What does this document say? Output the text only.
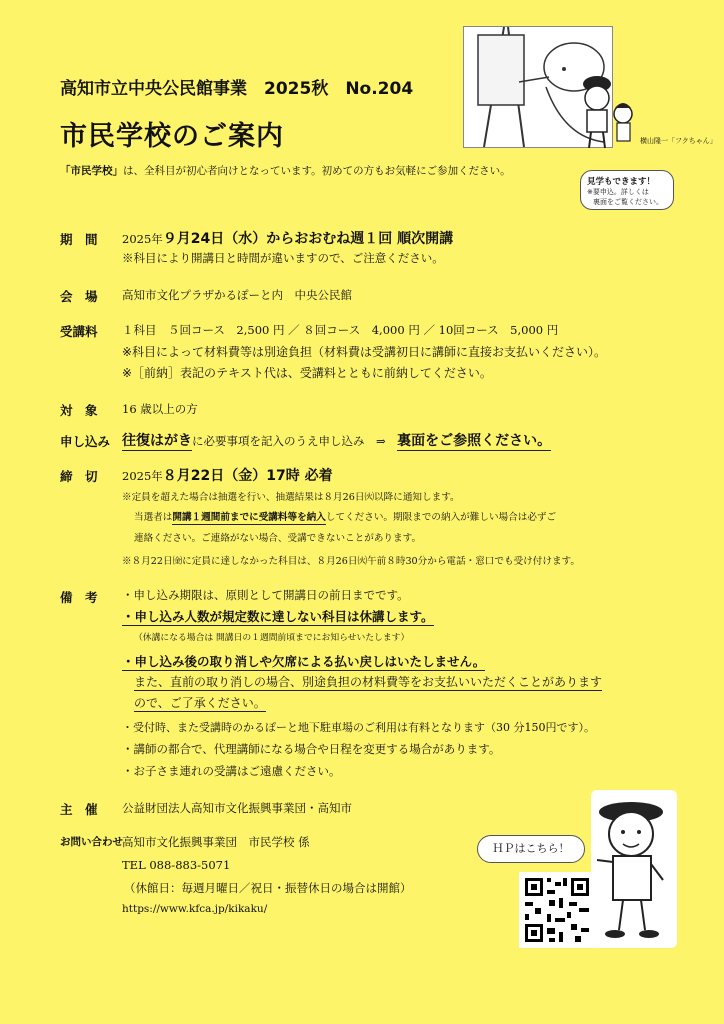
高知市立中央公民館事業　2025秋　No.204
市民学校のご案内
「市民学校」は、全科目が初心者向けとなっています。初めての方もお気軽にご参加ください。
横山隆一「フクちゃん」
見学もできます！
※要申込。詳しくは
裏面をご覧ください。
期　間 2025年９月24日（水）からおおむね週１回 順次開講
※科目により開講日と時間が違いますので、ご注意ください。
会　場 高知市文化プラザかるぽーと内　中央公民館
受講料 １科目　５回コース　2,500 円 ／ ８回コース　4,000 円 ／ 10回コース　5,000 円
※科目によって材料費等は別途負担（材料費は受講初日に講師に直接お支払いください）。
※［前納］表記のテキスト代は、受講料とともに前納してください。
対　象 16 歳以上の方
申し込み 往復はがきに必要事項を記入のうえ申し込み　⇒　裏面をご参照ください。
締　切 2025年８月22日（金）17時 必着
※定員を超えた場合は抽選を行い、抽選結果は８月26日㈫以降に通知します。
当選者は開講１週間前までに受講料等を納入してください。期限までの納入が難しい場合は必ずご
連絡ください。ご連絡がない場合、受講できないことがあります。
※８月22日㈮に定員に達しなかった科目は、８月26日㈫午前８時30分から電話・窓口でも受け付けます。
備　考 ・申し込み期限は、原則として開講日の前日までです。
・申し込み人数が規定数に達しない科目は休講します。
（休講になる場合は 開講日の１週間前頃までにお知らせいたします）
・申し込み後の取り消しや欠席による払い戻しはいたしません。
また、直前の取り消しの場合、別途負担の材料費等をお支払いいただくことがあります
ので、ご了承ください。
・受付時、また受講時のかるぽーと地下駐車場のご利用は有料となります（30 分150円です）。
・講師の都合で、代理講師になる場合や日程を変更する場合があります。
・お子さま連れの受講はご遠慮ください。
主　催 公益財団法人高知市文化振興事業団・高知市
お問い合わせ 高知市文化振興事業団　市民学校 係
TEL 088-883-5071
（休館日：毎週月曜日／祝日・振替休日の場合は開館）
https://www.kfca.jp/kikaku/
ＨＰはこちら！
